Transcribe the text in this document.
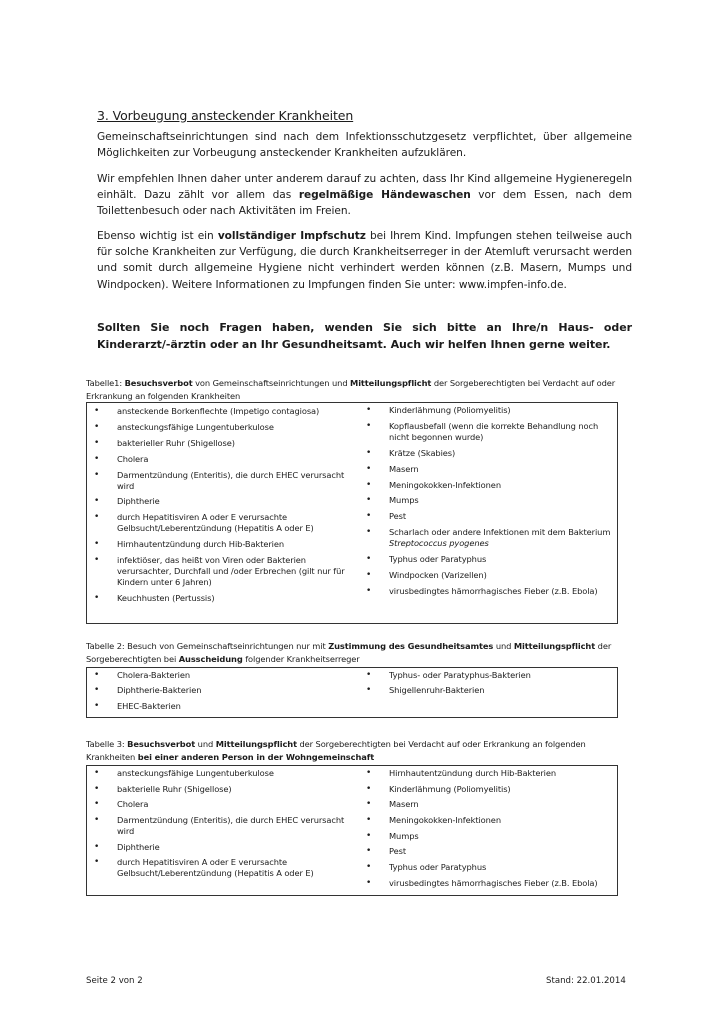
3. Vorbeugung ansteckender Krankheiten

Gemeinschaftseinrichtungen sind nach dem Infektionsschutzgesetz verpflichtet, über allgemeine Möglichkeiten zur Vorbeugung ansteckender Krankheiten aufzuklären.

Wir empfehlen Ihnen daher unter anderem darauf zu achten, dass Ihr Kind allgemeine Hygieneregeln einhält. Dazu zählt vor allem das regelmäßige Händewaschen vor dem Essen, nach dem Toilettenbesuch oder nach Aktivitäten im Freien.

Ebenso wichtig ist ein vollständiger Impfschutz bei Ihrem Kind. Impfungen stehen teilweise auch für solche Krankheiten zur Verfügung, die durch Krankheitserreger in der Atemluft verursacht werden und somit durch allgemeine Hygiene nicht verhindert werden können (z.B. Masern, Mumps und Windpocken). Weitere Informationen zu Impfungen finden Sie unter: www.impfen-info.de.

Sollten Sie noch Fragen haben, wenden Sie sich bitte an Ihre/n Haus- oder Kinderarzt/-ärztin oder an Ihr Gesundheitsamt. Auch wir helfen Ihnen gerne weiter.

Tabelle1: Besuchsverbot von Gemeinschaftseinrichtungen und Mitteilungspflicht der Sorgeberechtigten bei Verdacht auf oder Erkrankung an folgenden Krankheiten

• ansteckende Borkenflechte (Impetigo contagiosa)
• ansteckungsfähige Lungentuberkulose
• bakterieller Ruhr (Shigellose)
• Cholera
• Darmentzündung (Enteritis), die durch EHEC verursacht wird
• Diphtherie
• durch Hepatitisviren A oder E verursachte Gelbsucht/Leberentzündung (Hepatitis A oder E)
• Hirnhautentzündung durch Hib-Bakterien
• infektiöser, das heißt von Viren oder Bakterien verursachter, Durchfall und /oder Erbrechen (gilt nur für Kindern unter 6 Jahren)
• Keuchhusten (Pertussis)
• Kinderlähmung (Poliomyelitis)
• Kopflausbefall (wenn die korrekte Behandlung noch nicht begonnen wurde)
• Krätze (Skabies)
• Masern
• Meningokokken-Infektionen
• Mumps
• Pest
• Scharlach oder andere Infektionen mit dem Bakterium Streptococcus pyogenes
• Typhus oder Paratyphus
• Windpocken (Varizellen)
• virusbedingtes hämorrhagisches Fieber (z.B. Ebola)

Tabelle 2: Besuch von Gemeinschaftseinrichtungen nur mit Zustimmung des Gesundheitsamtes und Mitteilungspflicht der Sorgeberechtigten bei Ausscheidung folgender Krankheitserreger

• Cholera-Bakterien
• Diphtherie-Bakterien
• EHEC-Bakterien
• Typhus- oder Paratyphus-Bakterien
• Shigellenruhr-Bakterien

Tabelle 3: Besuchsverbot und Mitteilungspflicht der Sorgeberechtigten bei Verdacht auf oder Erkrankung an folgenden Krankheiten bei einer anderen Person in der Wohngemeinschaft

• ansteckungsfähige Lungentuberkulose
• bakterielle Ruhr (Shigellose)
• Cholera
• Darmentzündung (Enteritis), die durch EHEC verursacht wird
• Diphtherie
• durch Hepatitisviren A oder E verursachte Gelbsucht/Leberentzündung (Hepatitis A oder E)
• Hirnhautentzündung durch Hib-Bakterien
• Kinderlähmung (Poliomyelitis)
• Masern
• Meningokokken-Infektionen
• Mumps
• Pest
• Typhus oder Paratyphus
• virusbedingtes hämorrhagisches Fieber (z.B. Ebola)
Seite 2 von 2	Stand: 22.01.2014
